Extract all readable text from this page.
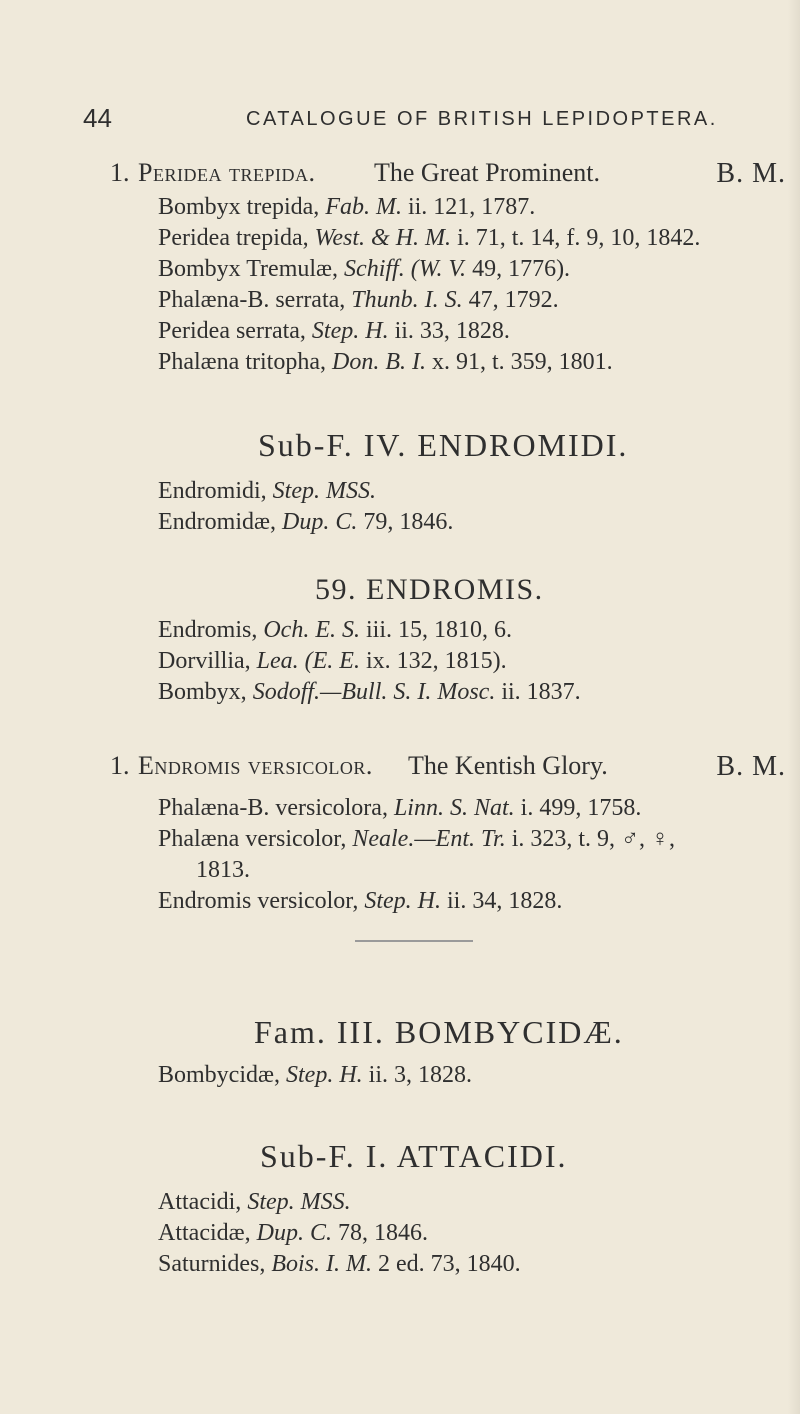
44	CATALOGUE OF BRITISH LEPIDOPTERA.
1. Peridea trepida. The Great Prominent.	B. M.
Bombyx trepida, Fab. M. ii. 121, 1787.
Peridea trepida, West. & H. M. i. 71, t. 14, f. 9, 10, 1842.
Bombyx Tremulæ, Schiff. (W. V. 49, 1776).
Phalæna-B. serrata, Thunb. I. S. 47, 1792.
Peridea serrata, Step. H. ii. 33, 1828.
Phalæna tritopha, Don. B. I. x. 91, t. 359, 1801.
Sub-F. IV. ENDROMIDI.
Endromidi, Step. MSS.
Endromidæ, Dup. C. 79, 1846.
59. ENDROMIS.
Endromis, Och. E. S. iii. 15, 1810, 6.
Dorvillia, Lea. (E. E. ix. 132, 1815).
Bombyx, Sodoff.—Bull. S. I. Mosc. ii. 1837.
1. Endromis versicolor. The Kentish Glory.	B. M.
Phalæna-B. versicolora, Linn. S. Nat. i. 499, 1758.
Phalæna versicolor, Neale.—Ent. Tr. i. 323, t. 9, ♂, ♀,
1813.
Endromis versicolor, Step. H. ii. 34, 1828.
Fam. III. BOMBYCIDÆ.
Bombycidæ, Step. H. ii. 3, 1828.
Sub-F. I. ATTACIDI.
Attacidi, Step. MSS.
Attacidæ, Dup. C. 78, 1846.
Saturnides, Bois. I. M. 2 ed. 73, 1840.
